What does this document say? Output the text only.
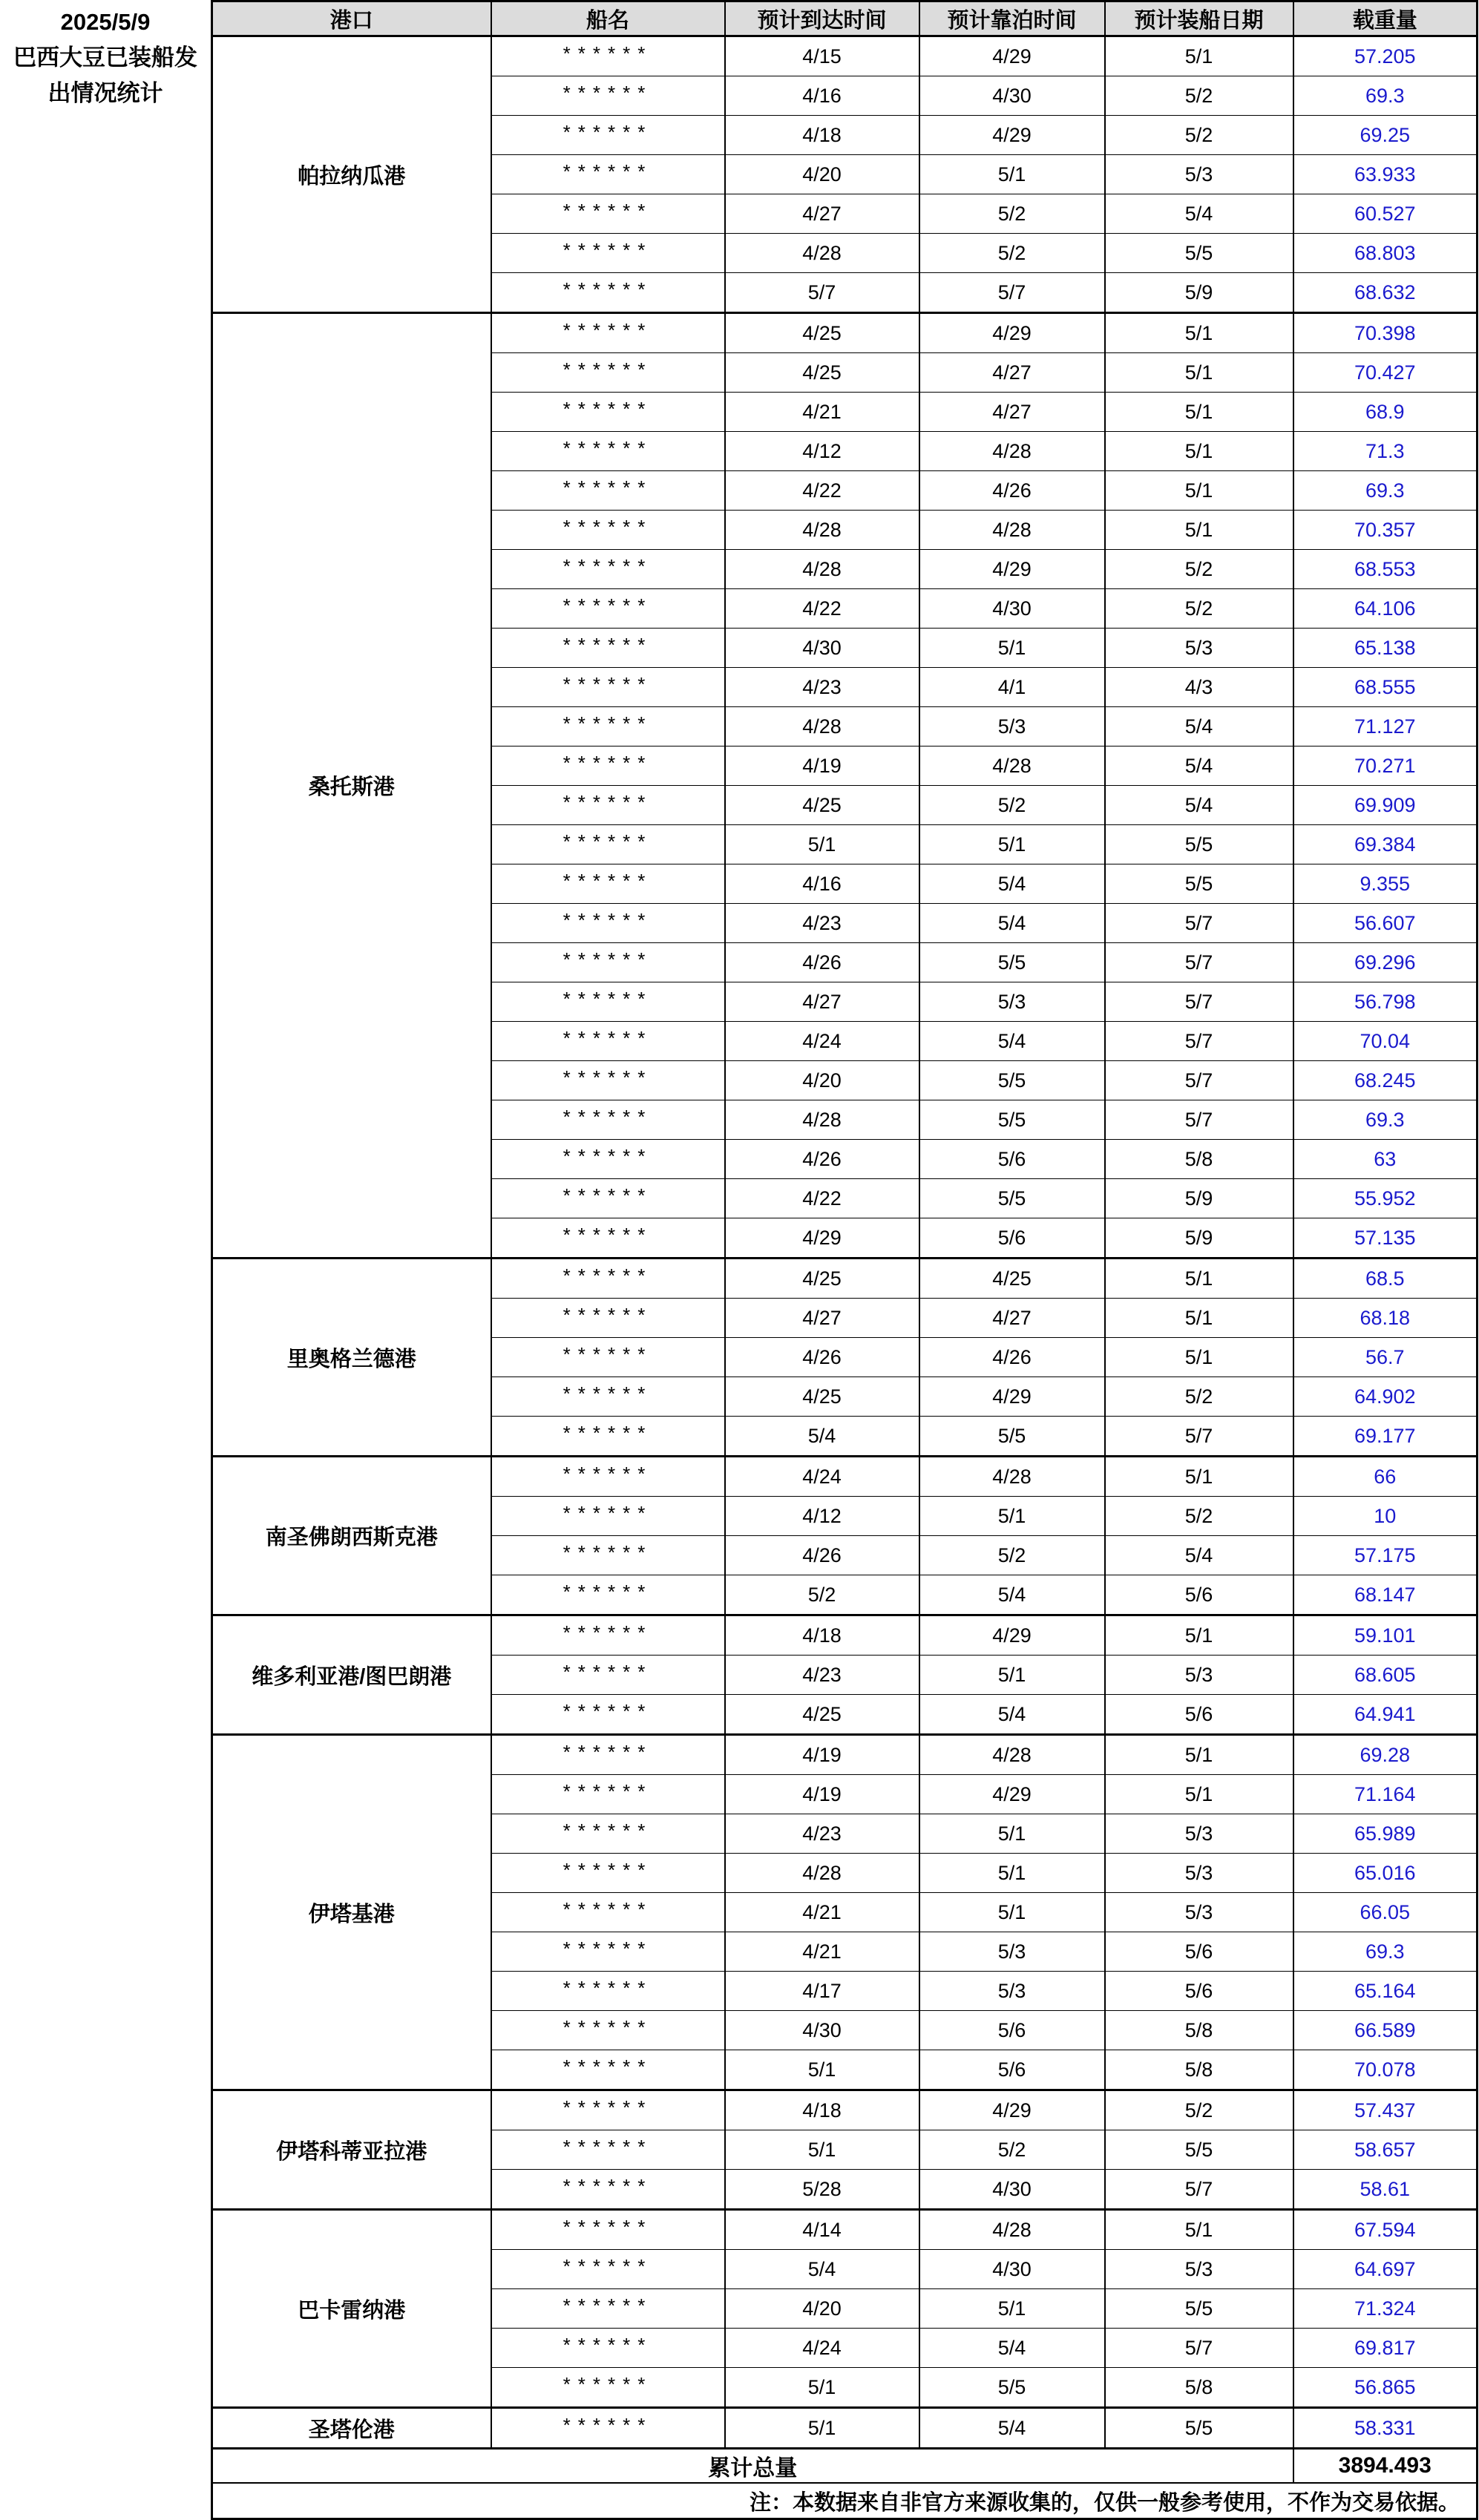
2025/5/9
巴西大豆已装船发出情况统计
港口	船名	预计到达时间	预计靠泊时间	预计装船日期	载重量
帕拉纳瓜港	******	4/15	4/29	5/1	57.205
	******	4/16	4/30	5/2	69.3
	******	4/18	4/29	5/2	69.25
	******	4/20	5/1	5/3	63.933
	******	4/27	5/2	5/4	60.527
	******	4/28	5/2	5/5	68.803
	******	5/7	5/7	5/9	68.632
桑托斯港	******	4/25	4/29	5/1	70.398
	******	4/25	4/27	5/1	70.427
	******	4/21	4/27	5/1	68.9
	******	4/12	4/28	5/1	71.3
	******	4/22	4/26	5/1	69.3
	******	4/28	4/28	5/1	70.357
	******	4/28	4/29	5/2	68.553
	******	4/22	4/30	5/2	64.106
	******	4/30	5/1	5/3	65.138
	******	4/23	4/1	4/3	68.555
	******	4/28	5/3	5/4	71.127
	******	4/19	4/28	5/4	70.271
	******	4/25	5/2	5/4	69.909
	******	5/1	5/1	5/5	69.384
	******	4/16	5/4	5/5	9.355
	******	4/23	5/4	5/7	56.607
	******	4/26	5/5	5/7	69.296
	******	4/27	5/3	5/7	56.798
	******	4/24	5/4	5/7	70.04
	******	4/20	5/5	5/7	68.245
	******	4/28	5/5	5/7	69.3
	******	4/26	5/6	5/8	63
	******	4/22	5/5	5/9	55.952
	******	4/29	5/6	5/9	57.135
里奥格兰德港	******	4/25	4/25	5/1	68.5
	******	4/27	4/27	5/1	68.18
	******	4/26	4/26	5/1	56.7
	******	4/25	4/29	5/2	64.902
	******	5/4	5/5	5/7	69.177
南圣佛朗西斯克港	******	4/24	4/28	5/1	66
	******	4/12	5/1	5/2	10
	******	4/26	5/2	5/4	57.175
	******	5/2	5/4	5/6	68.147
维多利亚港/图巴朗港	******	4/18	4/29	5/1	59.101
	******	4/23	5/1	5/3	68.605
	******	4/25	5/4	5/6	64.941
伊塔基港	******	4/19	4/28	5/1	69.28
	******	4/19	4/29	5/1	71.164
	******	4/23	5/1	5/3	65.989
	******	4/28	5/1	5/3	65.016
	******	4/21	5/1	5/3	66.05
	******	4/21	5/3	5/6	69.3
	******	4/17	5/3	5/6	65.164
	******	4/30	5/6	5/8	66.589
	******	5/1	5/6	5/8	70.078
伊塔科蒂亚拉港	******	4/18	4/29	5/2	57.437
	******	5/1	5/2	5/5	58.657
	******	5/28	4/30	5/7	58.61
巴卡雷纳港	******	4/14	4/28	5/1	67.594
	******	5/4	4/30	5/3	64.697
	******	4/20	5/1	5/5	71.324
	******	4/24	5/4	5/7	69.817
	******	5/1	5/5	5/8	56.865
圣塔伦港	******	5/1	5/4	5/5	58.331
累计总量					3894.493
注：本数据来自非官方来源收集的，仅供一般参考使用，不作为交易依据。					
